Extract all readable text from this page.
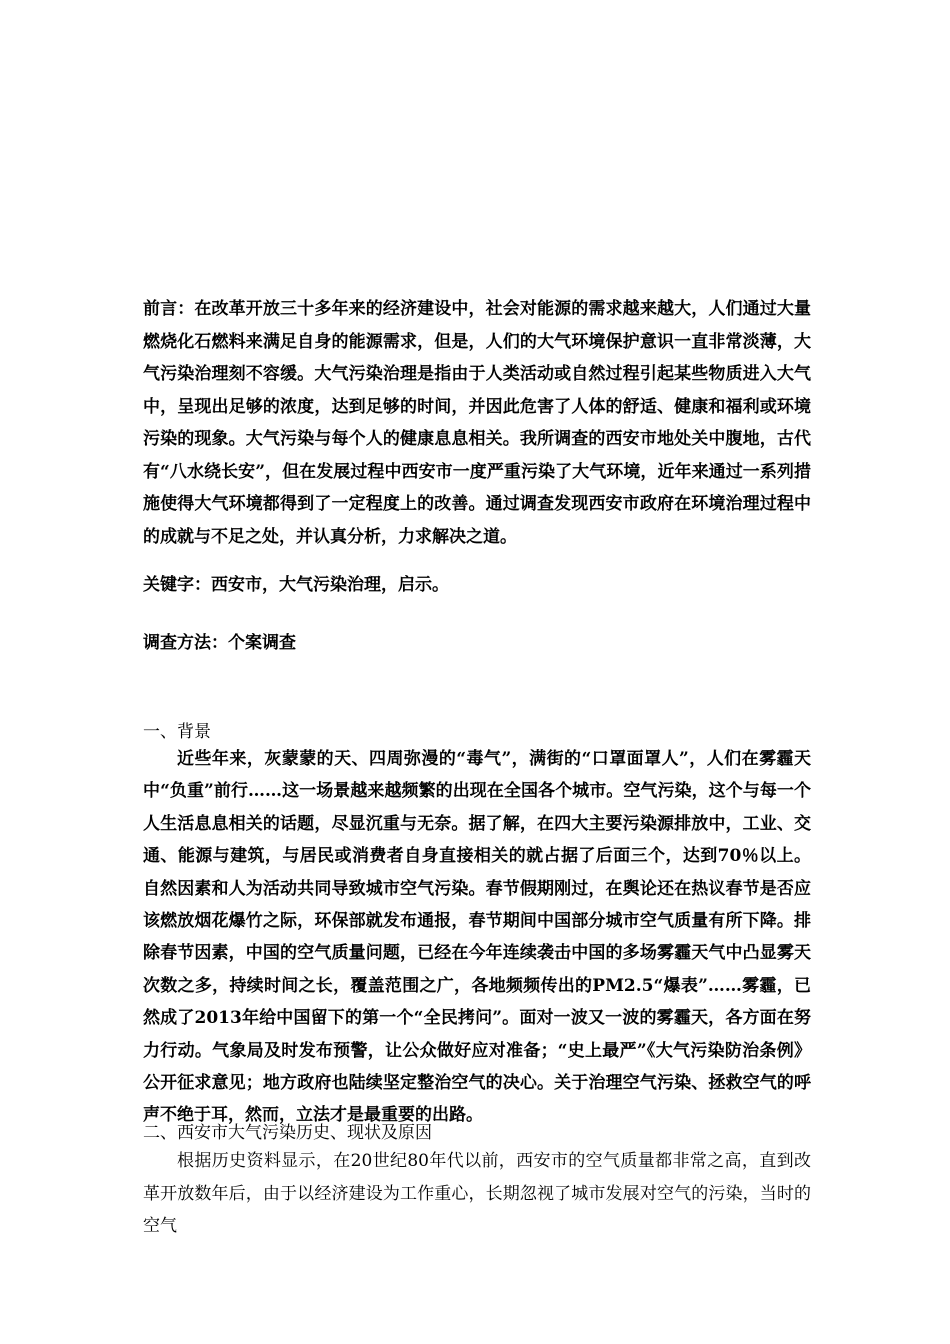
前言：在改革开放三十多年来的经济建设中，社会对能源的需求越来越大，人们通过大量燃烧化石燃料来满足自身的能源需求，但是，人们的大气环境保护意识一直非常淡薄，大气污染治理刻不容缓。大气污染治理是指由于人类活动或自然过程引起某些物质进入大气中，呈现出足够的浓度，达到足够的时间，并因此危害了人体的舒适、健康和福利或环境污染的现象。大气污染与每个人的健康息息相关。我所调查的西安市地处关中腹地，古代有“八水绕长安”，但在发展过程中西安市一度严重污染了大气环境，近年来通过一系列措施使得大气环境都得到了一定程度上的改善。通过调查发现西安市政府在环境治理过程中的成就与不足之处，并认真分析，力求解决之道。

关键字：西安市，大气污染治理，启示。

调查方法：个案调查

一、背景

近些年来，灰蒙蒙的天、四周弥漫的“毒气”，满街的“口罩面罩人”，人们在雾霾天中“负重”前行……这一场景越来越频繁的出现在全国各个城市。空气污染，这个与每一个人生活息息相关的话题，尽显沉重与无奈。据了解，在四大主要污染源排放中，工业、交通、能源与建筑，与居民或消费者自身直接相关的就占据了后面三个，达到70％以上。自然因素和人为活动共同导致城市空气污染。春节假期刚过，在舆论还在热议春节是否应该燃放烟花爆竹之际，环保部就发布通报，春节期间中国部分城市空气质量有所下降。排除春节因素，中国的空气质量问题，已经在今年连续袭击中国的多场雾霾天气中凸显雾天次数之多，持续时间之长，覆盖范围之广，各地频频传出的PM2.5“爆表”……雾霾，已然成了2013年给中国留下的第一个“全民拷问”。面对一波又一波的雾霾天，各方面在努力行动。气象局及时发布预警，让公众做好应对准备；“史上最严”《大气污染防治条例》公开征求意见；地方政府也陆续坚定整治空气的决心。关于治理空气污染、拯救空气的呼声不绝于耳，然而，立法才是最重要的出路。

二、西安市大气污染历史、现状及原因

根据历史资料显示，在20世纪80年代以前，西安市的空气质量都非常之高，直到改革开放数年后，由于以经济建设为工作重心，长期忽视了城市发展对空气的污染，当时的空气
